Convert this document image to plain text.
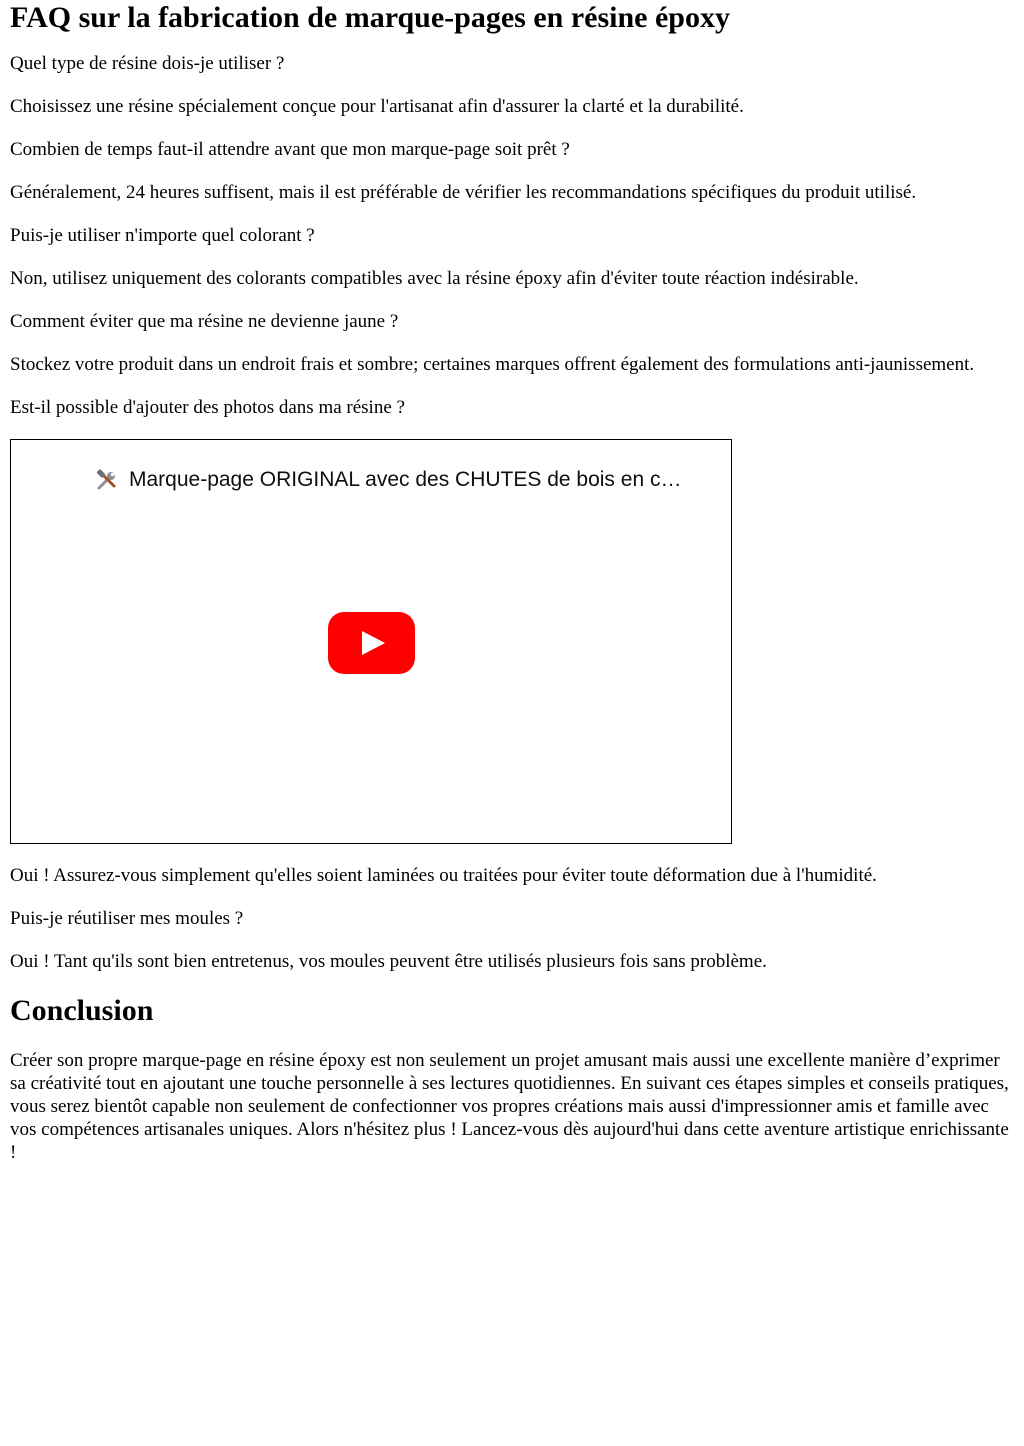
FAQ sur la fabrication de marque-pages en résine époxy

Quel type de résine dois-je utiliser ?

Choisissez une résine spécialement conçue pour l'artisanat afin d'assurer la clarté et la durabilité.

Combien de temps faut-il attendre avant que mon marque-page soit prêt ?

Généralement, 24 heures suffisent, mais il est préférable de vérifier les recommandations spécifiques du produit utilisé.

Puis-je utiliser n'importe quel colorant ?

Non, utilisez uniquement des colorants compatibles avec la résine époxy afin d'éviter toute réaction indésirable.

Comment éviter que ma résine ne devienne jaune ?

Stockez votre produit dans un endroit frais et sombre; certaines marques offrent également des formulations anti-jaunissement.

Est-il possible d'ajouter des photos dans ma résine ?

Marque-page ORIGINAL avec des CHUTES de bois en c…

Oui ! Assurez-vous simplement qu'elles soient laminées ou traitées pour éviter toute déformation due à l'humidité.

Puis-je réutiliser mes moules ?

Oui ! Tant qu'ils sont bien entretenus, vos moules peuvent être utilisés plusieurs fois sans problème.

Conclusion

Créer son propre marque-page en résine époxy est non seulement un projet amusant mais aussi une excellente manière d’exprimer sa créativité tout en ajoutant une touche personnelle à ses lectures quotidiennes. En suivant ces étapes simples et conseils pratiques, vous serez bientôt capable non seulement de confectionner vos propres créations mais aussi d'impressionner amis et famille avec vos compétences artisanales uniques. Alors n'hésitez plus ! Lancez-vous dès aujourd'hui dans cette aventure artistique enrichissante !
